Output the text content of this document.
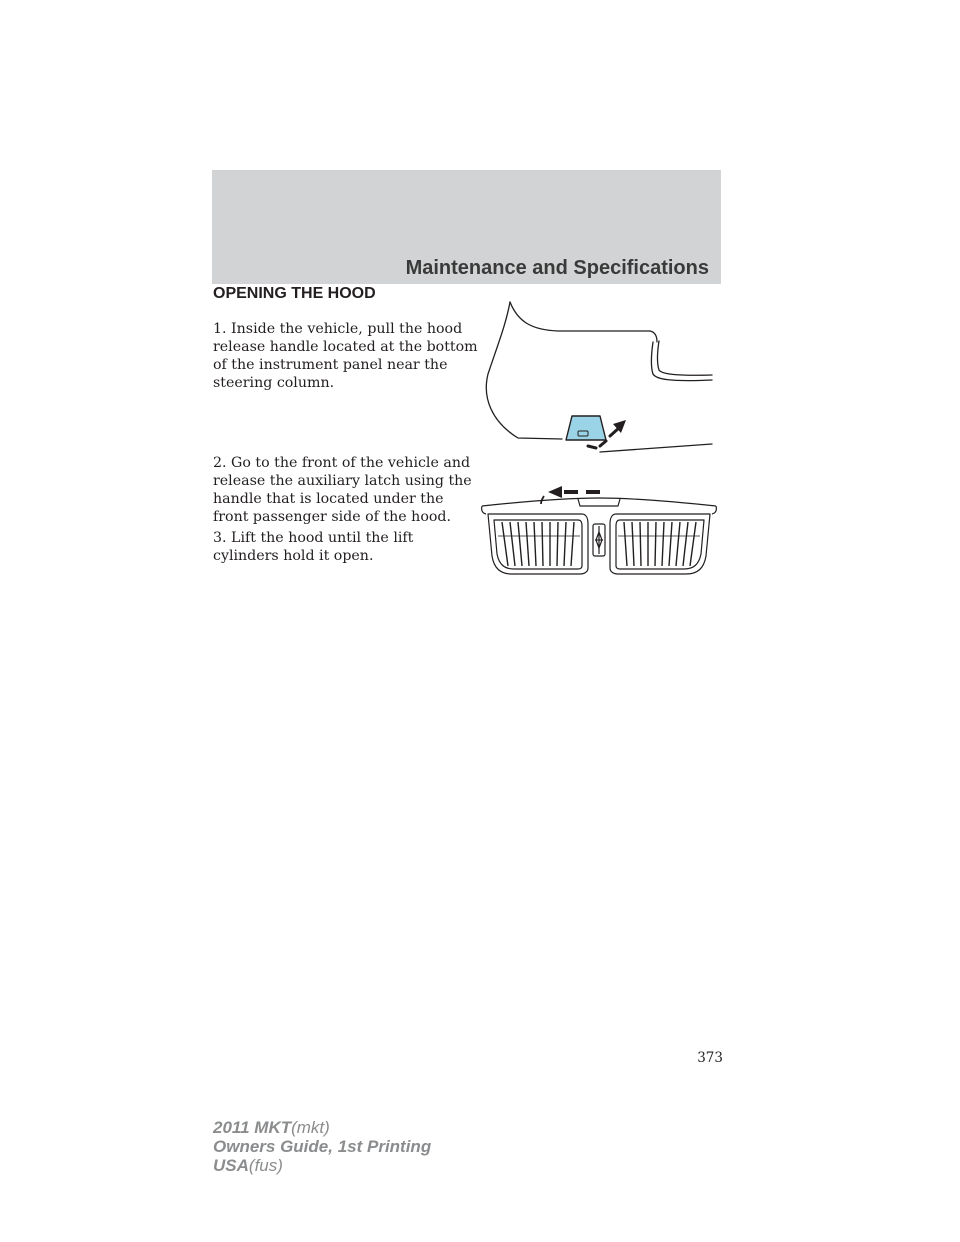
Maintenance and Specifications
OPENING THE HOOD
1. Inside the vehicle, pull the hood release handle located at the bottom of the instrument panel near the steering column.
2. Go to the front of the vehicle and release the auxiliary latch using the handle that is located under the front passenger side of the hood.
3. Lift the hood until the lift cylinders hold it open.
373
2011 MKT(mkt)
Owners Guide, 1st Printing
USA(fus)
